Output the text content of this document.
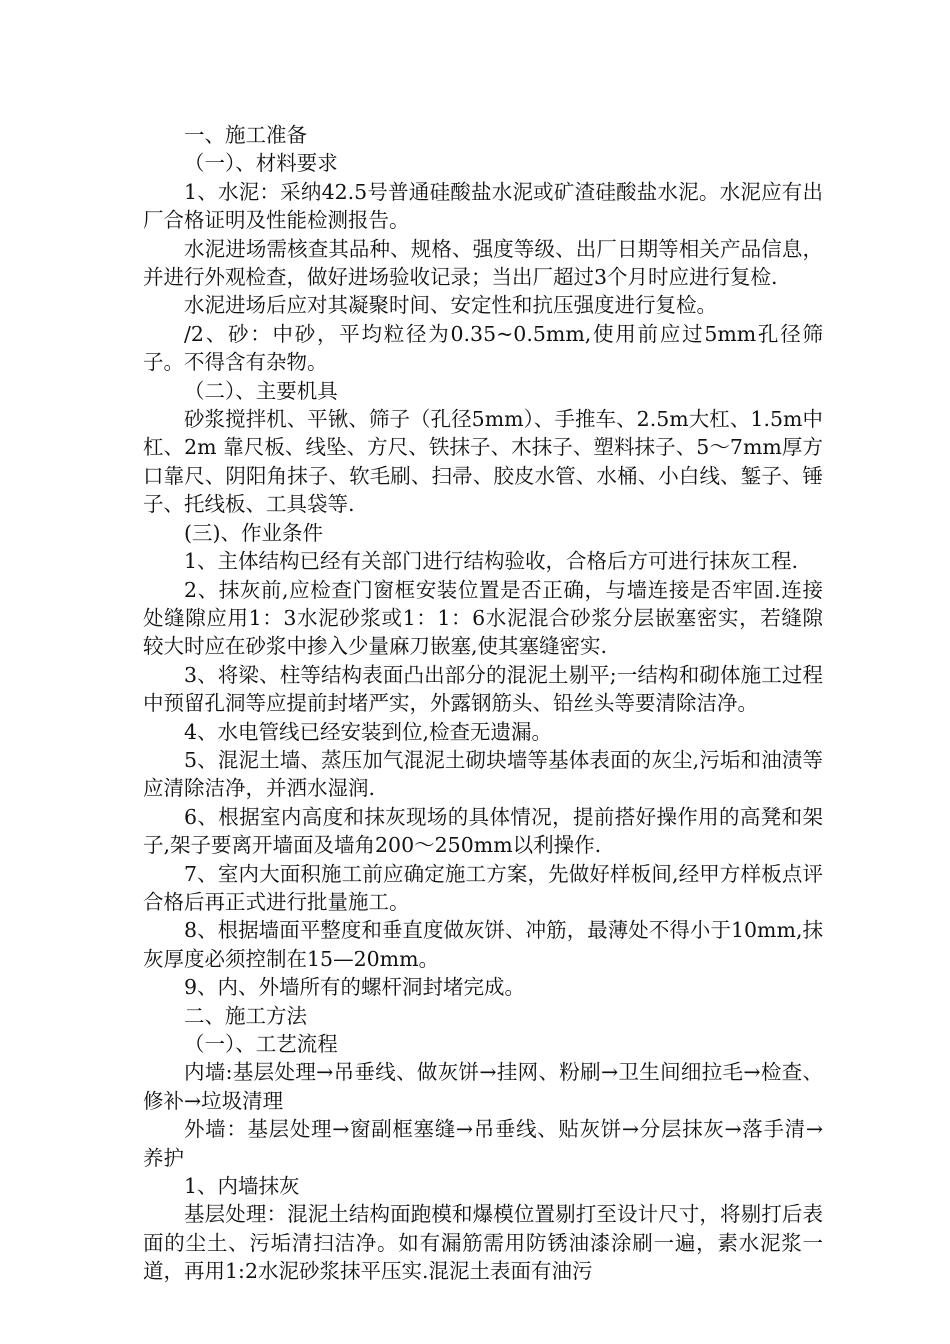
一、施工准备

（一）、材料要求

1、水泥：采纳42.5号普通硅酸盐水泥或矿渣硅酸盐水泥。水泥应有出厂合格证明及性能检测报告。

水泥进场需核查其品种、规格、强度等级、出厂日期等相关产品信息，并进行外观检查，做好进场验收记录；当出厂超过3个月时应进行复检.

水泥进场后应对其凝聚时间、安定性和抗压强度进行复检。

/2、砂：中砂，平均粒径为0.35~0.5mm,使用前应过5mm孔径筛子。不得含有杂物。

（二）、主要机具

砂浆搅拌机、平锹、筛子（孔径5mm）、手推车、2.5m大杠、1.5m中杠、2m 靠尺板、线坠、方尺、铁抹子、木抹子、塑料抹子、5～7mm厚方口靠尺、阴阳角抹子、软毛刷、扫帚、胶皮水管、水桶、小白线、錾子、锤子、托线板、工具袋等.

(三)、作业条件

1、主体结构已经有关部门进行结构验收，合格后方可进行抹灰工程.

2、抹灰前,应检查门窗框安装位置是否正确，与墙连接是否牢固.连接处缝隙应用1：3水泥砂浆或1：1：6水泥混合砂浆分层嵌塞密实，若缝隙较大时应在砂浆中掺入少量麻刀嵌塞,使其塞缝密实.

3、将梁、柱等结构表面凸出部分的混泥土剔平;一结构和砌体施工过程中预留孔洞等应提前封堵严实，外露钢筋头、铅丝头等要清除洁净。

4、水电管线已经安装到位,检查无遗漏。

5、混泥土墙、蒸压加气混泥土砌块墙等基体表面的灰尘,污垢和油渍等应清除洁净，并洒水湿润.

6、根据室内高度和抹灰现场的具体情况，提前搭好操作用的高凳和架子,架子要离开墙面及墙角200～250mm以利操作.

7、室内大面积施工前应确定施工方案，先做好样板间,经甲方样板点评合格后再正式进行批量施工。

8、根据墙面平整度和垂直度做灰饼、冲筋，最薄处不得小于10mm,抹灰厚度必须控制在15—20mm。

9、内、外墙所有的螺杆洞封堵完成。

二、施工方法

（一）、工艺流程

内墙:基层处理→吊垂线、做灰饼→挂网、粉刷→卫生间细拉毛→检查、修补→垃圾清理

外墙：基层处理→窗副框塞缝→吊垂线、贴灰饼→分层抹灰→落手清→养护

1、内墙抹灰

基层处理：混泥土结构面跑模和爆模位置剔打至设计尺寸，将剔打后表面的尘土、污垢清扫洁净。如有漏筋需用防锈油漆涂刷一遍，素水泥浆一道，再用1:2水泥砂浆抹平压实.混泥土表面有油污
